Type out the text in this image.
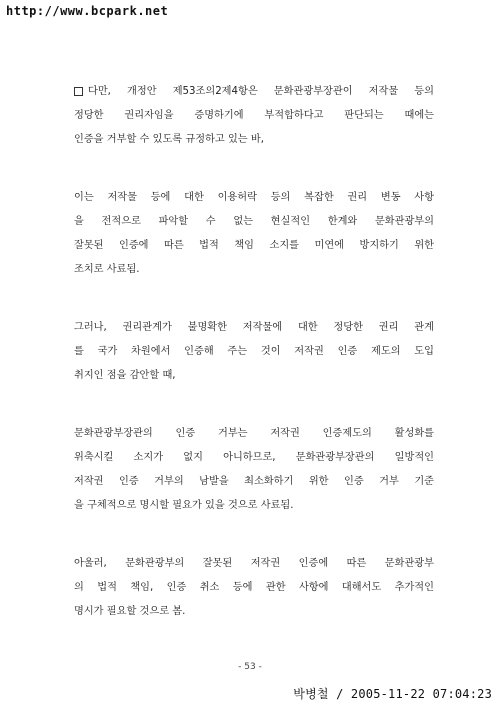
http://www.bcpark.net
다만, 개정안 제53조의2제4항은 문화관광부장관이 저작물 등의
정당한 권리자임을 증명하기에 부적합하다고 판단되는 때에는
인증을 거부할 수 있도록 규정하고 있는 바,
이는 저작물 등에 대한 이용허락 등의 복잡한 권리 변동 사항
을 전적으로 파악할 수 없는 현실적인 한계와 문화관광부의
잘못된 인증에 따른 법적 책임 소지를 미연에 방지하기 위한
조치로 사료됨.
그러나, 권리관계가 불명확한 저작물에 대한 정당한 권리 관계
를 국가 차원에서 인증해 주는 것이 저작권 인증 제도의 도입
취지인 점을 감안할 때,
문화관광부장관의 인증 거부는 저작권 인증제도의 활성화를
위축시킬 소지가 없지 아니하므로, 문화관광부장관의 일방적인
저작권 인증 거부의 남발을 최소화하기 위한 인증 거부 기준
을 구체적으로 명시할 필요가 있을 것으로 사료됨.
아울러, 문화관광부의 잘못된 저작권 인증에 따른 문화관광부
의 법적 책임, 인증 취소 등에 관한 사항에 대해서도 추가적인
명시가 필요할 것으로 봄.
- 53 -
박병철 / 2005-11-22 07:04:23
